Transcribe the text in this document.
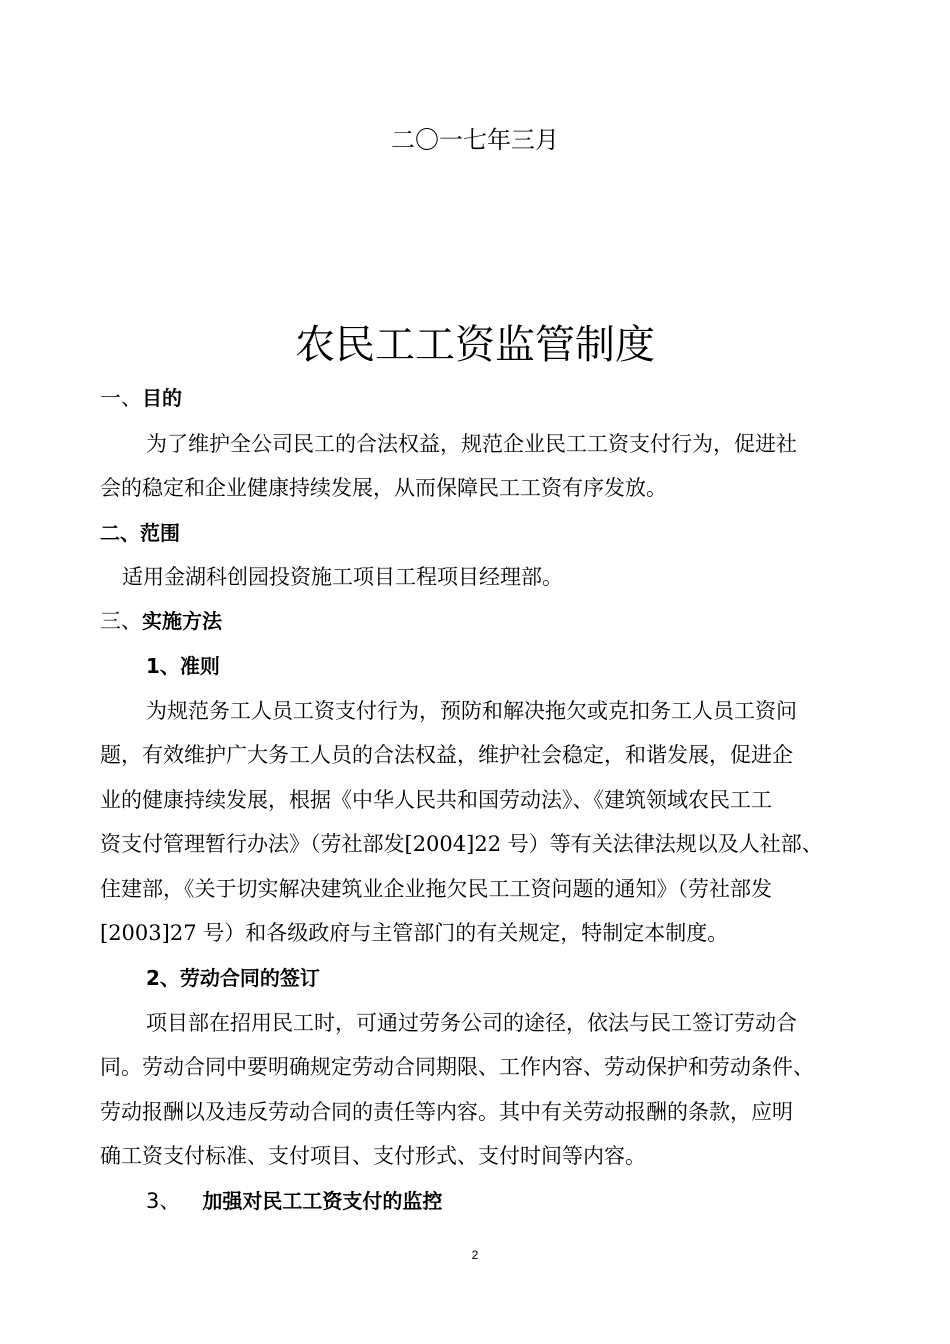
二〇一七年三月
农民工工资监管制度
一、目的
为了维护全公司民工的合法权益，规范企业民工工资支付行为，促进社
会的稳定和企业健康持续发展，从而保障民工工资有序发放。
二、范围
适用金湖科创园投资施工项目工程项目经理部。
三、实施方法
1、准则
为规范务工人员工资支付行为，预防和解决拖欠或克扣务工人员工资问
题，有效维护广大务工人员的合法权益，维护社会稳定，和谐发展，促进企
业的健康持续发展，根据《中华人民共和国劳动法》、《建筑领域农民工工
资支付管理暂行办法》（劳社部发[2004]22 号）等有关法律法规以及人社部、
住建部，《关于切实解决建筑业企业拖欠民工工资问题的通知》（劳社部发
[2003]27 号）和各级政府与主管部门的有关规定，特制定本制度。
2、劳动合同的签订
项目部在招用民工时，可通过劳务公司的途径，依法与民工签订劳动合
同。劳动合同中要明确规定劳动合同期限、工作内容、劳动保护和劳动条件、
劳动报酬以及违反劳动合同的责任等内容。其中有关劳动报酬的条款，应明
确工资支付标准、支付项目、支付形式、支付时间等内容。
3、 加强对民工工资支付的监控
2
